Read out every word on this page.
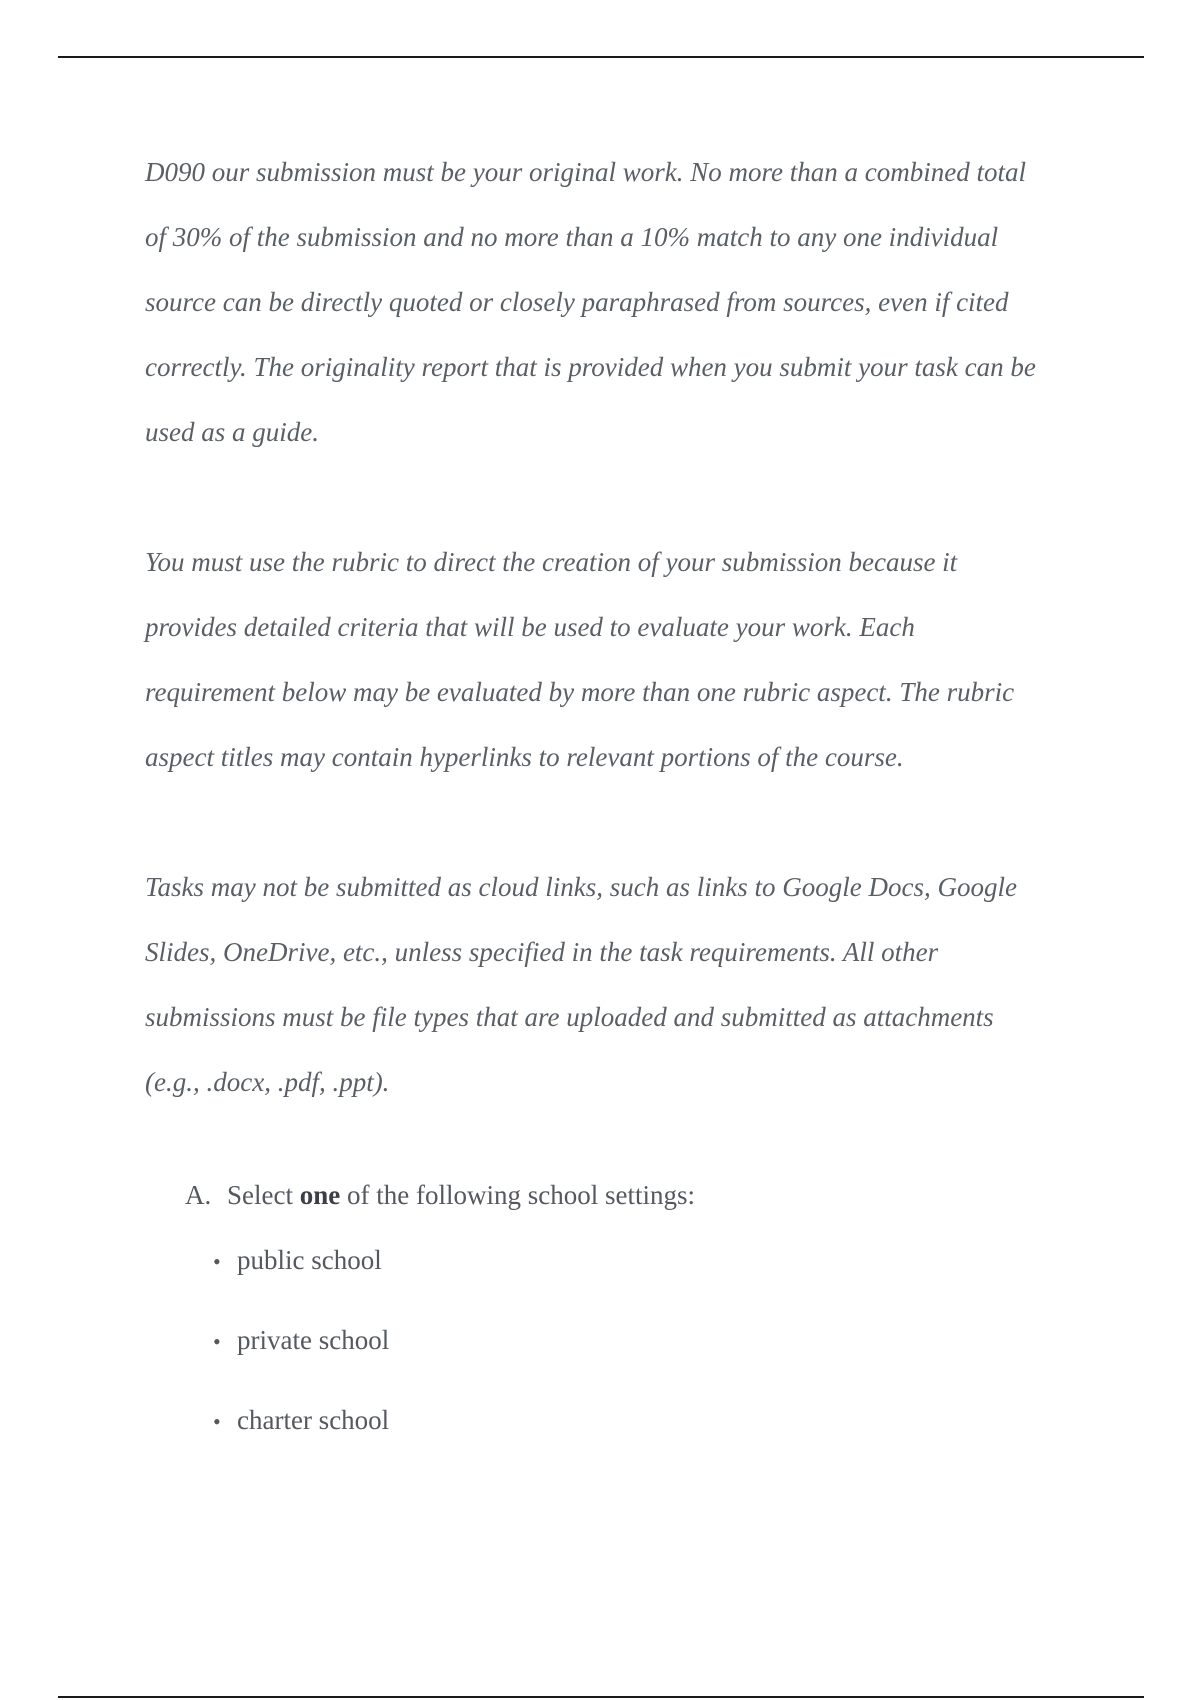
D090 our submission must be your original work. No more than a combined total of 30% of the submission and no more than a 10% match to any one individual source can be directly quoted or closely paraphrased from sources, even if cited correctly. The originality report that is provided when you submit your task can be used as a guide.

You must use the rubric to direct the creation of your submission because it provides detailed criteria that will be used to evaluate your work. Each requirement below may be evaluated by more than one rubric aspect. The rubric aspect titles may contain hyperlinks to relevant portions of the course.

Tasks may not be submitted as cloud links, such as links to Google Docs, Google Slides, OneDrive, etc., unless specified in the task requirements. All other submissions must be file types that are uploaded and submitted as attachments (e.g., .docx, .pdf, .ppt).

A. Select one of the following school settings:
• public school
• private school
• charter school
